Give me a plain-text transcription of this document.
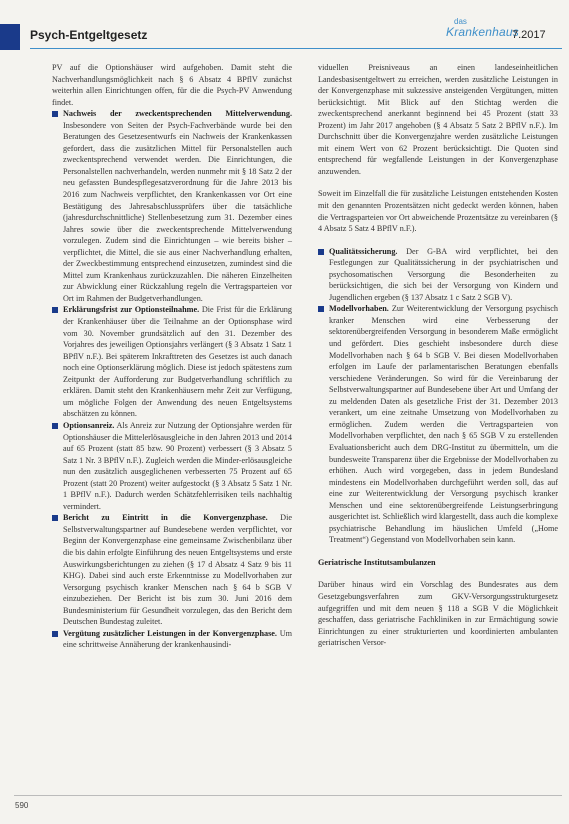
Psych-Entgeltgesetz
das
Krankenhaus
7.2017
PV auf die Optionshäuser wird aufgehoben. Damit steht die Nachverhandlungsmöglichkeit nach § 6 Absatz 4 BPflV zunächst weiterhin allen Einrichtungen offen, für die die Psych-PV Anwendung findet.
Nachweis der zweckentsprechenden Mittelverwendung. Insbesondere von Seiten der Psych-Fachverbände wurde bei den Beratungen des Gesetzesentwurfs ein Nachweis der Krankenkassen gefordert, dass die zusätzlichen Mittel für Personalstellen auch zweckentsprechend verwendet werden. Die Einrichtungen, die Personalstellen nachverhandeln, werden nunmehr mit § 18 Satz 2 der neu gefassten Bundespflegesatzverordnung für die Jahre 2013 bis 2016 zum Nachweis verpflichtet, den Krankenkassen vor Ort eine Bestätigung des Jahresabschlussprüfers über die tatsächliche (jahresdurchschnittliche) Stellenbesetzung zum 31. Dezember eines Jahres sowie über die zweckentsprechende Mittelverwendung vorzulegen. Zudem sind die Einrichtungen – wie bereits bisher – verpflichtet, die Mittel, die sie aus einer Nachverhandlung erhalten, der Zweckbestimmung entsprechend einzusetzen, zumindest sind die Mittel zum Krankenhaus zurückzuzahlen. Die näheren Einzelheiten zur Abwicklung einer Rückzahlung regeln die Vertragsparteien vor Ort im Rahmen der Budgetverhandlungen.
Erklärungsfrist zur Optionsteilnahme. Die Frist für die Erklärung der Krankenhäuser über die Teilnahme an der Optionsphase wird vom 30. November grundsätzlich auf den 31. Dezember des Vorjahres des jeweiligen Optionsjahrs verlängert (§ 3 Absatz 1 Satz 1 BPflV n.F.). Bei späterem Inkrafttreten des Gesetzes ist auch danach noch eine Optionserklärung möglich. Diese ist jedoch spätestens zum Zeitpunkt der Aufforderung zur Budgetverhandlung schriftlich zu erklären. Damit steht den Krankenhäusern mehr Zeit zur Verfügung, um mögliche Folgen der Anwendung des neuen Entgeltsystems abschätzen zu können.
Optionsanreiz. Als Anreiz zur Nutzung der Optionsjahre werden für Optionshäuser die Mittelerlösausgleiche in den Jahren 2013 und 2014 auf 65 Prozent (statt 85 bzw. 90 Prozent) verbessert (§ 3 Absatz 5 Satz 1 Nr. 3 BPflV n.F.). Zugleich werden die Minder-erlösausgleiche nun den zusätzlich ausgeglichenen verbesserten 75 Prozent auf 65 Prozent (statt 20 Prozent) weiter aufgestockt (§ 3 Absatz 5 Satz 1 Nr. 1 BPflV n.F.). Dadurch werden Schätzfehlerrisiken teils nachhaltig vermindert.
Bericht zu Eintritt in die Konvergenzphase. Die Selbstverwaltungspartner auf Bundesebene werden verpflichtet, vor Beginn der Konvergenzphase eine gemeinsame Zwischenbilanz über die bis dahin erfolgte Einführung des neuen Entgeltsystems und erste Auswirkungsberichtungen zu ziehen (§ 17 d Absatz 4 Satz 9 bis 11 KHG). Dabei sind auch erste Erkenntnisse zu Modellvorhaben zur Versorgung psychisch kranker Menschen nach § 64 b SGB V einzubeziehen. Der Bericht ist bis zum 30. Juni 2016 dem Bundesministerium für Gesundheit vorzulegen, das den Bericht dem Deutschen Bundestag zuleitet.
Vergütung zusätzlicher Leistungen in der Konvergenzphase. Um eine schrittweise Annäherung der krankenhausindi-
viduellen Preisniveaus an einen landeseinheitlichen Landesbasisentgeltwert zu erreichen, werden zusätzliche Leistungen in der Konvergenzphase mit sukzessive ansteigenden Vergütungen, mitten berücksichtigt. Mit Blick auf den Stichtag werden die zweckentsprechend anerkannt beginnend bei 45 Prozent (statt 33 Prozent) im Jahr 2017 angehoben (§ 4 Absatz 5 Satz 2 BPflV n.F.). Im Durchschnitt über die Konvergenzjahre werden zusätzliche Leistungen mit einem Wert von 62 Prozent berücksichtigt. Die Quoten sind entsprechend für wegfallende Leistungen in der Konvergenzphase anzuwenden.
Soweit im Einzelfall die für zusätzliche Leistungen entstehenden Kosten mit den genannten Prozentsätzen nicht gedeckt werden können, haben die Vertragsparteien vor Ort abweichende Prozentsätze zu vereinbaren (§ 4 Absatz 5 Satz 4 BPflV n.F.).
Qualitätssicherung. Der G-BA wird verpflichtet, bei den Festlegungen zur Qualitätssicherung in der psychiatrischen und psychosomatischen Versorgung die Besonderheiten zu berücksichtigen, die sich bei der Versorgung von Kindern und Jugendlichen ergeben (§ 137 Absatz 1 c Satz 2 SGB V).
Modellvorhaben. Zur Weiterentwicklung der Versorgung psychisch kranker Menschen wird eine Verbesserung der sektorenübergreifenden Versorgung in besonderem Maße ermöglicht und gefördert. Dies geschieht insbesondere durch diese Modellvorhaben nach § 64 b SGB V. Bei diesen Modellvorhaben erfolgen im Laufe der parlamentarischen Beratungen ebenfalls verschiedene Veränderungen. So wird für die Vereinbarung der Selbstverwaltungspartner auf Bundesebene über Art und Umfang der zu meldenden Daten als gesetzliche Frist der 31. Dezember 2013 verankert, um eine zeitnahe Umsetzung von Modellvorhaben zu ermöglichen. Zudem werden die Vertragsparteien von Modellvorhaben verpflichtet, den nach § 65 SGB V zu erstellenden Evaluationsbericht auch dem DRG-Institut zu übermitteln, um die bundesweite Transparenz über die Ergebnisse der Modellvorhaben zu erhöhen. Auch wird vorgegeben, dass in jedem Bundesland mindestens ein Modellvorhaben durchgeführt werden soll, das auf eine zur Weiterentwicklung der Versorgung psychisch kranker Menschen und eine sektorenübergreifende Leistungserbringung ausgerichtet ist. Schließlich wird klargestellt, dass auch die komplexe psychiatrische Behandlung im häuslichen Umfeld („Home Treatment“) Gegenstand von Modellvorhaben sein kann.
Geriatrische Institutsambulanzen
Darüber hinaus wird ein Vorschlag des Bundesrates aus dem Gesetzgebungsverfahren zum GKV-Versorgungsstrukturgesetz aufgegriffen und mit dem neuen § 118 a SGB V die Möglichkeit geschaffen, dass geriatrische Fachkliniken in zur Ermächtigung sowie Einrichtungen zu einer strukturierten und koordinierten ambulanten geriatrischen Versor-
590
